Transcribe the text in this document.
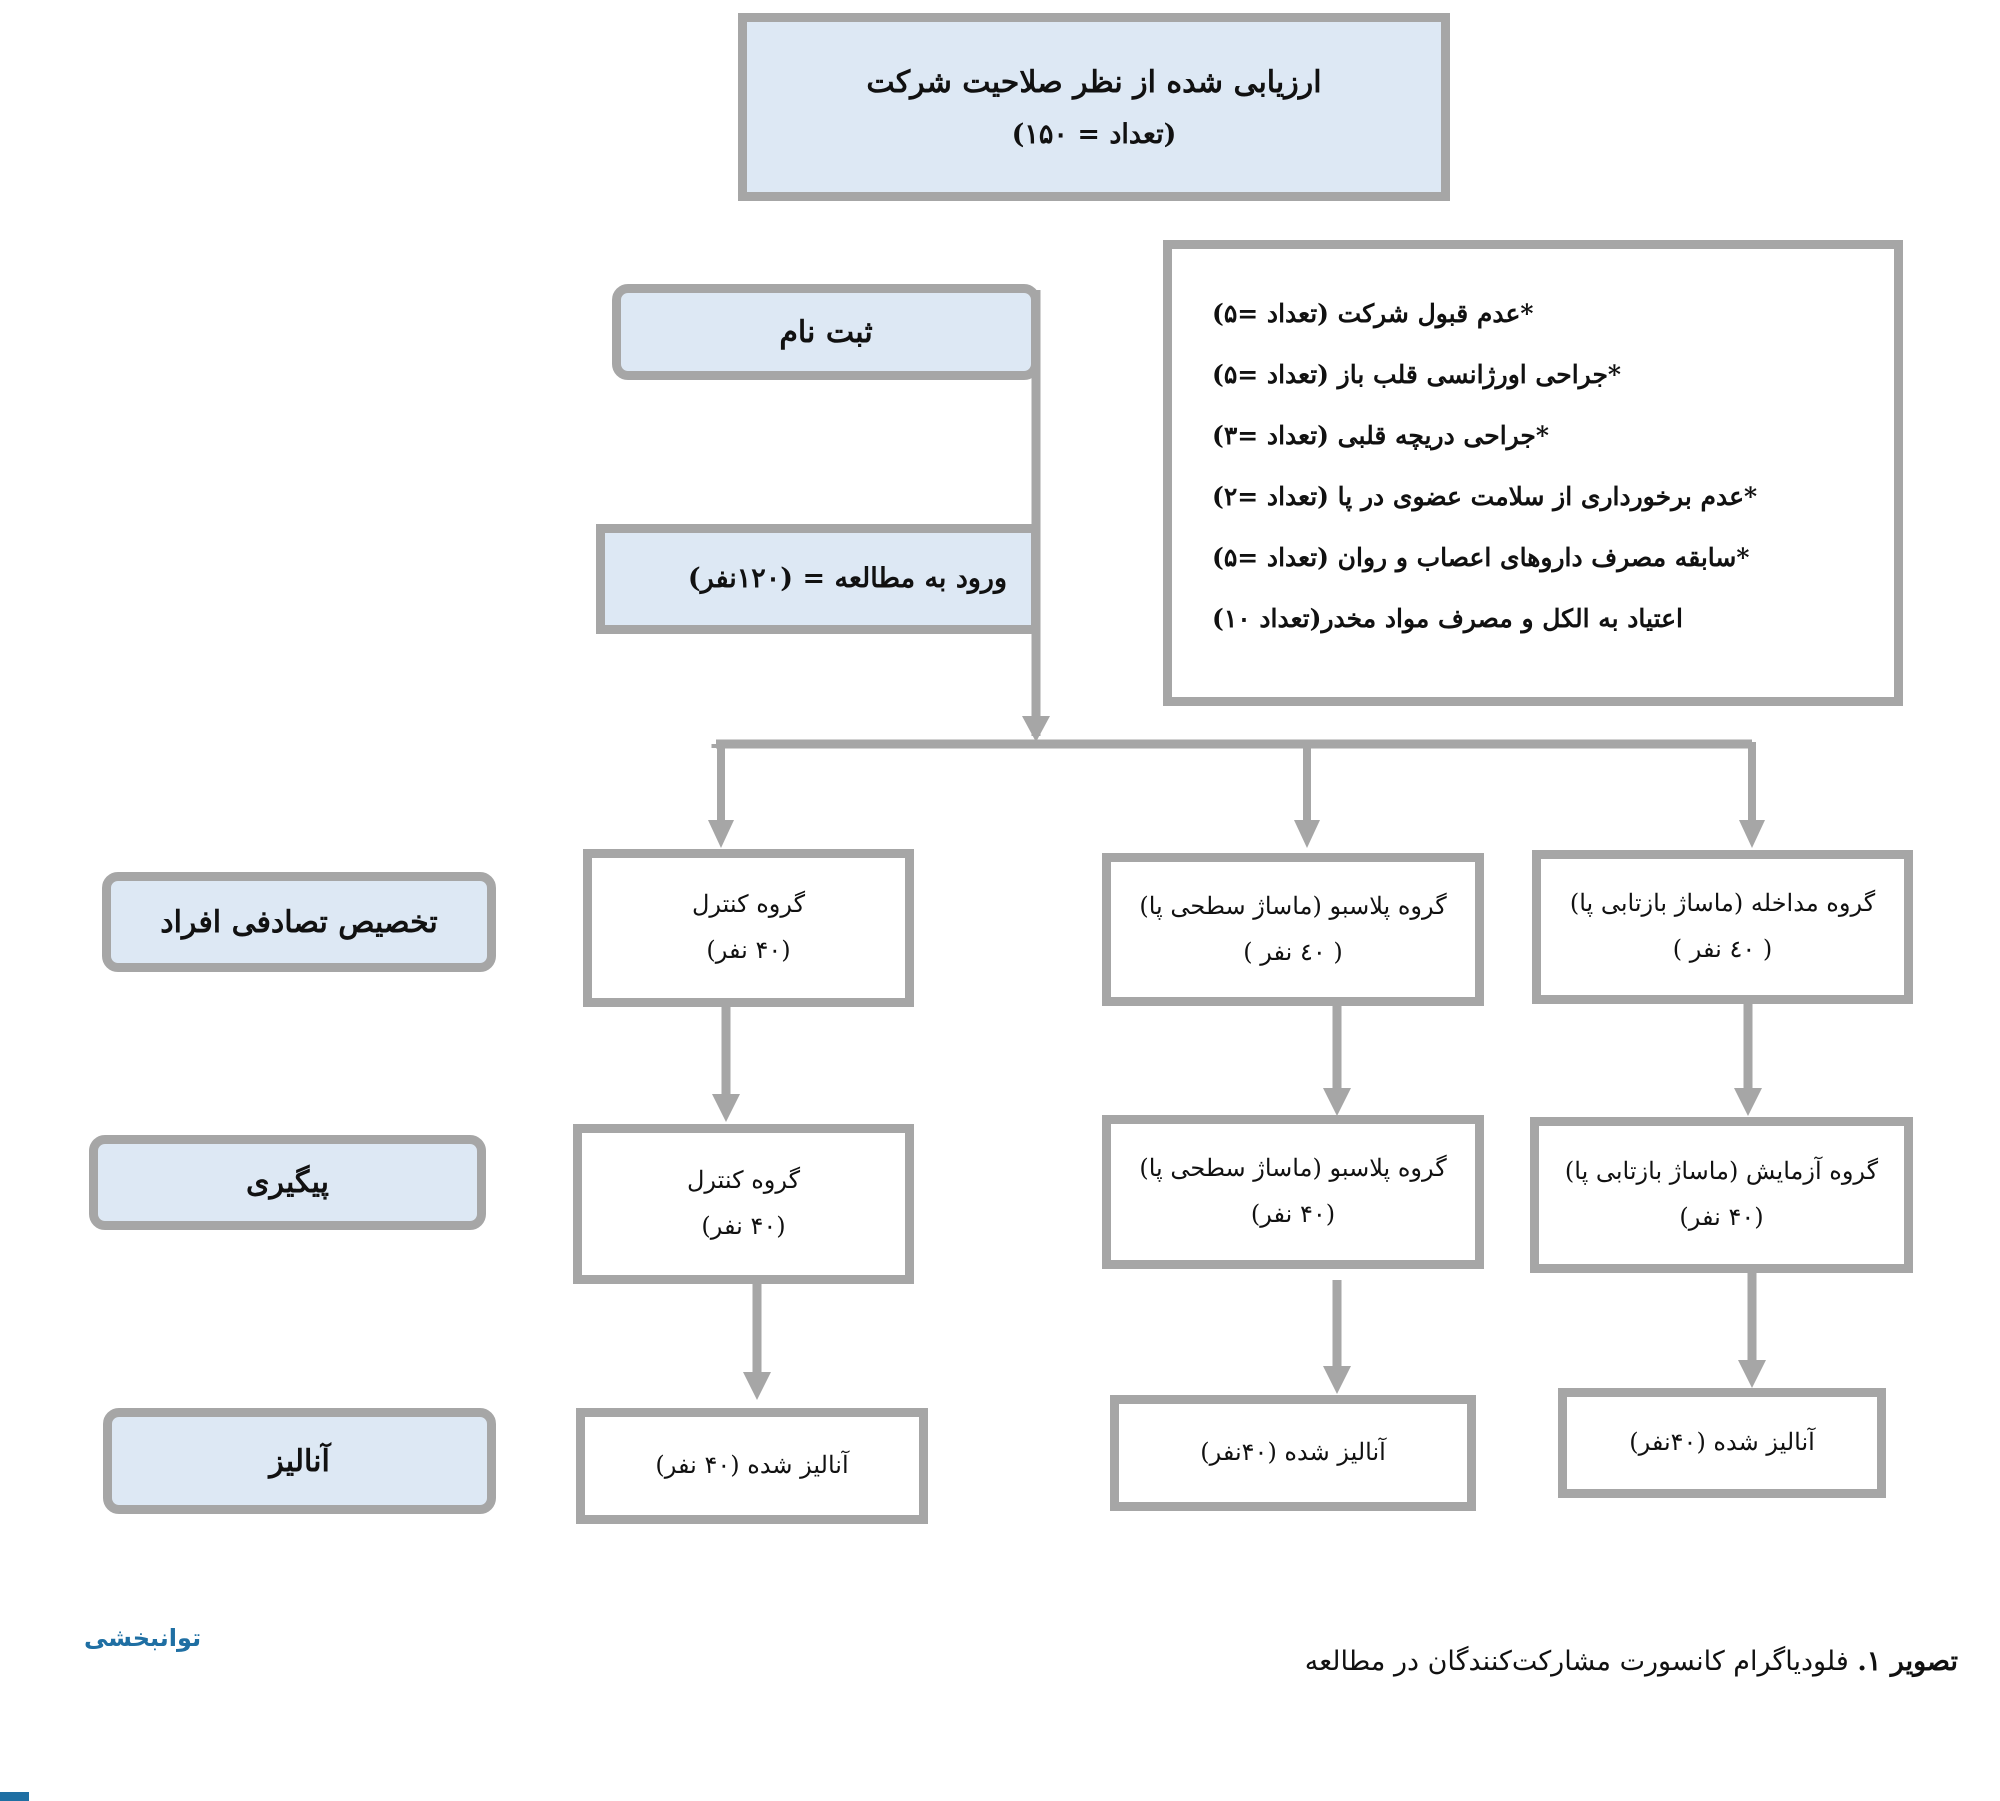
ارزیابی شده از نظر صلاحیت شرکت
(تعداد = ۱۵۰)
*عدم قبول شرکت (تعداد =۵)
*جراحی اورژانسی قلب باز (تعداد =۵)
*جراحی دریچه قلبی (تعداد =۳)
*عدم برخورداری از سلامت عضوی در پا (تعداد =۲)
*سابقه مصرف داروهای اعصاب و روان (تعداد =۵)
اعتیاد به الکل و مصرف مواد مخدر(تعداد ۱۰)
ثبت نام
ورود به مطالعه = (۱۲۰نفر)
تخصیص تصادفی افراد
پیگیری
آنالیز
گروه کنترل
(۴۰ نفر)
گروه پلاسبو (ماساژ سطحی پا)
( ٤٠ نفر )
گروه مداخله (ماساژ بازتابی پا)
( ٤٠ نفر )
گروه کنترل
(۴۰ نفر)
گروه پلاسبو (ماساژ سطحی پا)
(۴۰ نفر)
گروه آزمایش (ماساژ بازتابی پا)
(۴۰ نفر)
آنالیز شده (۴۰ نفر)	آنالیز شده (۴۰نفر)	آنالیز شده (۴۰نفر)
توانبخشی
تصویر ۱. فلودیاگرام کانسورت مشارکت‌کنندگان در مطالعه
